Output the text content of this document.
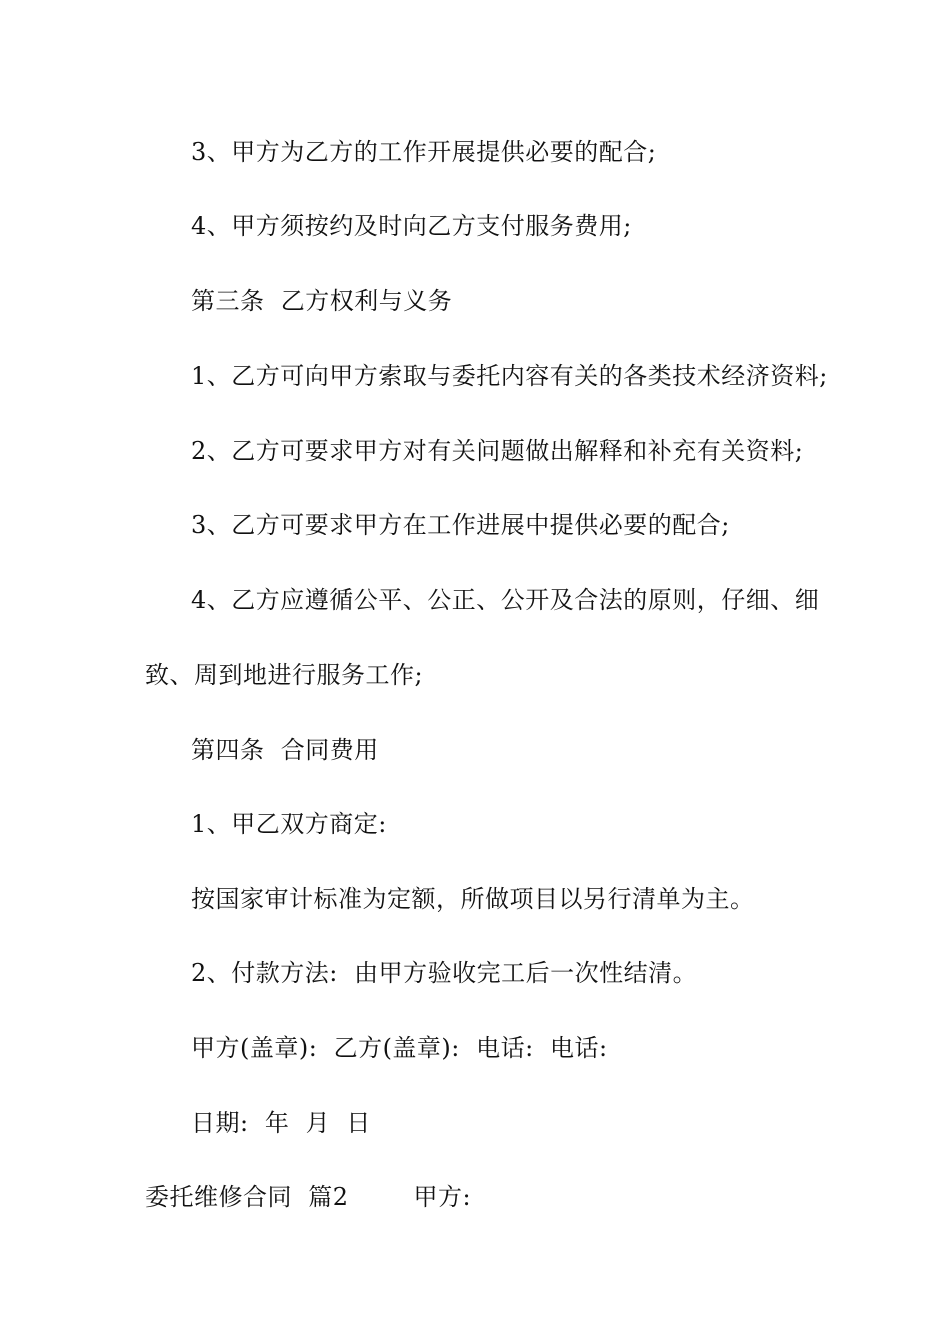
3、甲方为乙方的工作开展提供必要的配合;
4、甲方须按约及时向乙方支付服务费用;
第三条  乙方权利与义务
1、乙方可向甲方索取与委托内容有关的各类技术经济资料;
2、乙方可要求甲方对有关问题做出解释和补充有关资料;
3、乙方可要求甲方在工作进展中提供必要的配合;
4、乙方应遵循公平、公正、公开及合法的原则，仔细、细
致、周到地进行服务工作;
第四条  合同费用
1、甲乙双方商定:
按国家审计标准为定额，所做项目以另行清单为主。
2、付款方法:  由甲方验收完工后一次性结清。
甲方(盖章):  乙方(盖章):  电话:  电话:
日期:  年  月  日
委托维修合同  篇2        甲方:
